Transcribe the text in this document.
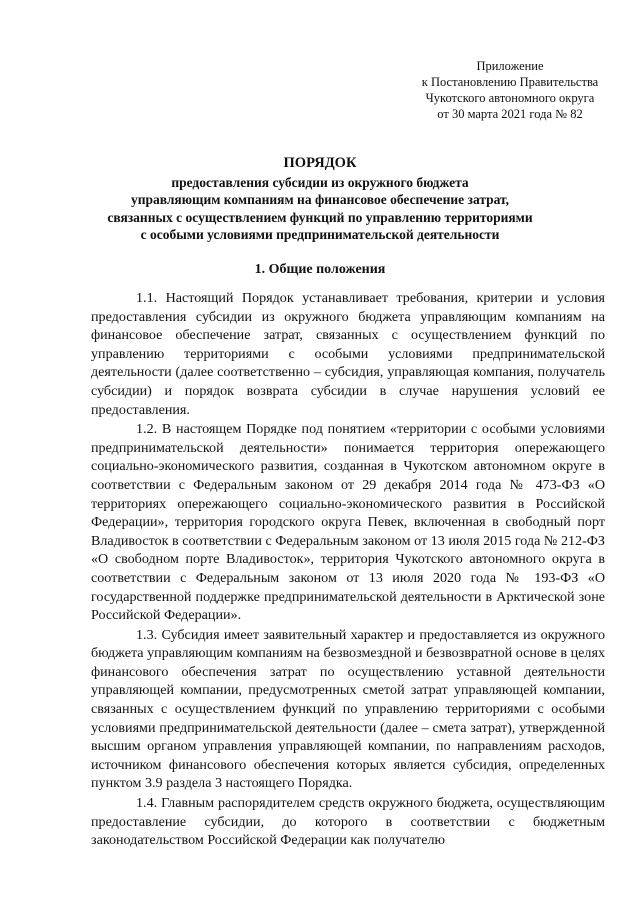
Приложение
к Постановлению Правительства
Чукотского автономного округа
от 30 марта 2021 года № 82
ПОРЯДОК
предоставления субсидии из окружного бюджета
управляющим компаниям на финансовое обеспечение затрат,
связанных с осуществлением функций по управлению территориями
с особыми условиями предпринимательской деятельности
1. Общие положения

1.1. Настоящий Порядок устанавливает требования, критерии и условия предоставления субсидии из окружного бюджета управляющим компаниям на финансовое обеспечение затрат, связанных с осуществлением функций по управлению территориями с особыми условиями предпринимательской деятельности (далее соответственно – субсидия, управляющая компания, получатель субсидии) и порядок возврата субсидии в случае нарушения условий ее предоставления.

1.2. В настоящем Порядке под понятием «территории с особыми условиями предпринимательской деятельности» понимается территория опережающего социально-экономического развития, созданная в Чукотском автономном округе в соответствии с Федеральным законом от 29 декабря 2014 года № 473-ФЗ «О территориях опережающего социально-экономического развития в Российской Федерации», территория городского округа Певек, включенная в свободный порт Владивосток в соответствии с Федеральным законом от 13 июля 2015 года № 212-ФЗ «О свободном порте Владивосток», территория Чукотского автономного округа в соответствии с Федеральным законом от 13 июля 2020 года № 193-ФЗ «О государственной поддержке предпринимательской деятельности в Арктической зоне Российской Федерации».

1.3. Субсидия имеет заявительный характер и предоставляется из окружного бюджета управляющим компаниям на безвозмездной и безвозвратной основе в целях финансового обеспечения затрат по осуществлению уставной деятельности управляющей компании, предусмотренных сметой затрат управляющей компании, связанных с осуществлением функций по управлению территориями с особыми условиями предпринимательской деятельности (далее – смета затрат), утвержденной высшим органом управления управляющей компании, по направлениям расходов, источником финансового обеспечения которых является субсидия, определенных пунктом 3.9 раздела 3 настоящего Порядка.

1.4. Главным распорядителем средств окружного бюджета, осуществляющим предоставление субсидии, до которого в соответствии с бюджетным законодательством Российской Федерации как получателю
